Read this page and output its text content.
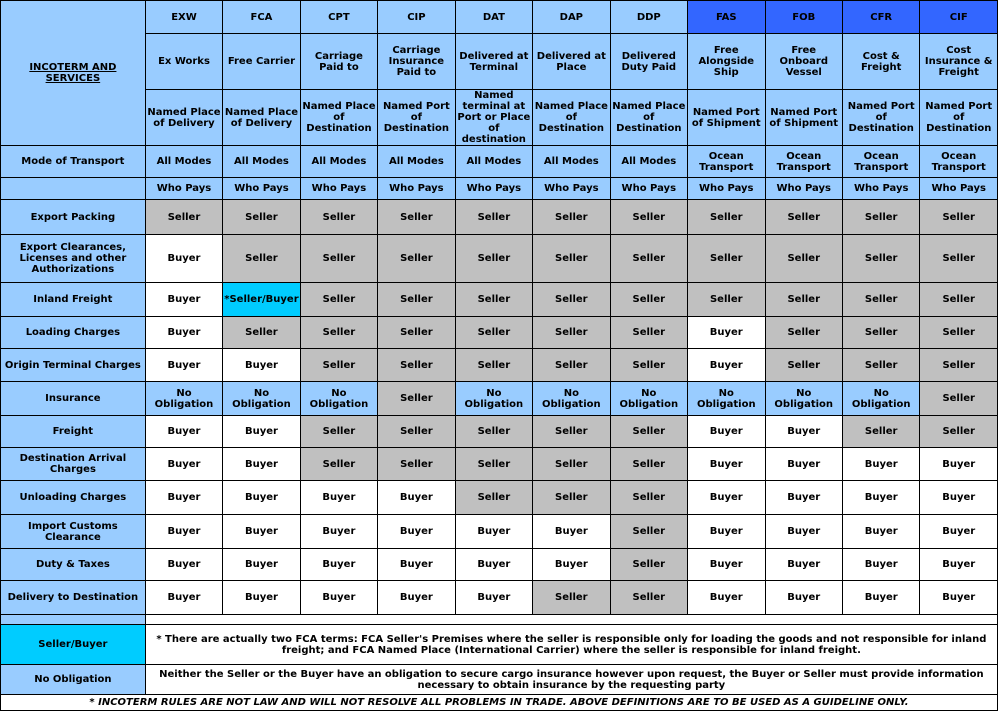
INCOTERM AND SERVICES	EXW	FCA	CPT	CIP	DAT	DAP	DDP	FAS	FOB	CFR	CIF
	Ex Works	Free Carrier	Carriage Paid to	Carriage Insurance Paid to	Delivered at Terminal	Delivered at Place	Delivered Duty Paid	Free Alongside Ship	Free Onboard Vessel	Cost & Freight	Cost Insurance & Freight
	Named Place of Delivery	Named Place of Delivery	Named Place of Destination	Named Port of Destination	Named terminal at Port or Place of destination	Named Place of Destination	Named Place of Destination	Named Port of Shipment	Named Port of Shipment	Named Port of Destination	Named Port of Destination
Mode of Transport	All Modes	All Modes	All Modes	All Modes	All Modes	All Modes	All Modes	Ocean Transport	Ocean Transport	Ocean Transport	Ocean Transport
	Who Pays	Who Pays	Who Pays	Who Pays	Who Pays	Who Pays	Who Pays	Who Pays	Who Pays	Who Pays	Who Pays
Export Packing	Seller	Seller	Seller	Seller	Seller	Seller	Seller	Seller	Seller	Seller	Seller
Export Clearances, Licenses and other Authorizations	Buyer	Seller	Seller	Seller	Seller	Seller	Seller	Seller	Seller	Seller	Seller
Inland Freight	Buyer	*Seller/Buyer	Seller	Seller	Seller	Seller	Seller	Seller	Seller	Seller	Seller
Loading Charges	Buyer	Seller	Seller	Seller	Seller	Seller	Seller	Buyer	Seller	Seller	Seller
Origin Terminal Charges	Buyer	Buyer	Seller	Seller	Seller	Seller	Seller	Buyer	Seller	Seller	Seller
Insurance	No Obligation	No Obligation	No Obligation	Seller	No Obligation	No Obligation	No Obligation	No Obligation	No Obligation	No Obligation	Seller
Freight	Buyer	Buyer	Seller	Seller	Seller	Seller	Seller	Buyer	Buyer	Seller	Seller
Destination Arrival Charges	Buyer	Buyer	Seller	Seller	Seller	Seller	Seller	Buyer	Buyer	Buyer	Buyer
Unloading Charges	Buyer	Buyer	Buyer	Buyer	Seller	Seller	Seller	Buyer	Buyer	Buyer	Buyer
Import Customs Clearance	Buyer	Buyer	Buyer	Buyer	Buyer	Buyer	Seller	Buyer	Buyer	Buyer	Buyer
Duty & Taxes	Buyer	Buyer	Buyer	Buyer	Buyer	Buyer	Seller	Buyer	Buyer	Buyer	Buyer
Delivery to Destination	Buyer	Buyer	Buyer	Buyer	Buyer	Seller	Seller	Buyer	Buyer	Buyer	Buyer

Seller/Buyer	* There are actually two FCA terms: FCA Seller's Premises where the seller is responsible only for loading the goods and not responsible for inland freight; and FCA Named Place (International Carrier) where the seller is responsible for inland freight.										
No Obligation	Neither the Seller or the Buyer have an obligation to secure cargo insurance however upon request, the Buyer or Seller must provide information necessary to obtain insurance by the requesting party										
* INCOTERM RULES ARE NOT LAW AND WILL NOT RESOLVE ALL PROBLEMS IN TRADE. ABOVE DEFINITIONS ARE TO BE USED AS A GUIDELINE ONLY.											
